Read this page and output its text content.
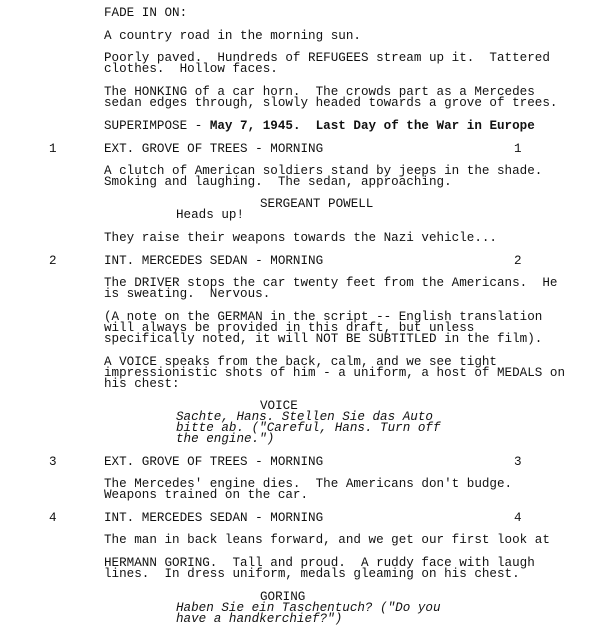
FADE IN ON:
A country road in the morning sun.
Poorly paved.  Hundreds of REFUGEES stream up it.  Tattered
clothes.  Hollow faces.
The HONKING of a car horn.  The crowds part as a Mercedes
sedan edges through, slowly headed towards a grove of trees.
SUPERIMPOSE - May 7, 1945.  Last Day of the War in Europe
1	EXT. GROVE OF TREES - MORNING	1
A clutch of American soldiers stand by jeeps in the shade.
Smoking and laughing.  The sedan, approaching.
SERGEANT POWELL
Heads up!
They raise their weapons towards the Nazi vehicle...
2	INT. MERCEDES SEDAN - MORNING	2
The DRIVER stops the car twenty feet from the Americans.  He
is sweating.  Nervous.
(A note on the GERMAN in the script -- English translation
will always be provided in this draft, but unless
specifically noted, it will NOT BE SUBTITLED in the film).
A VOICE speaks from the back, calm, and we see tight
impressionistic shots of him - a uniform, a host of MEDALS on
his chest:
VOICE
Sachte, Hans. Stellen Sie das Auto
bitte ab. ("Careful, Hans. Turn off
the engine.")
3	EXT. GROVE OF TREES - MORNING	3
The Mercedes' engine dies.  The Americans don't budge.
Weapons trained on the car.
4	INT. MERCEDES SEDAN - MORNING	4
The man in back leans forward, and we get our first look at
HERMANN GORING.  Tall and proud.  A ruddy face with laugh
lines.  In dress uniform, medals gleaming on his chest.
GORING
Haben Sie ein Taschentuch? ("Do you
have a handkerchief?")
